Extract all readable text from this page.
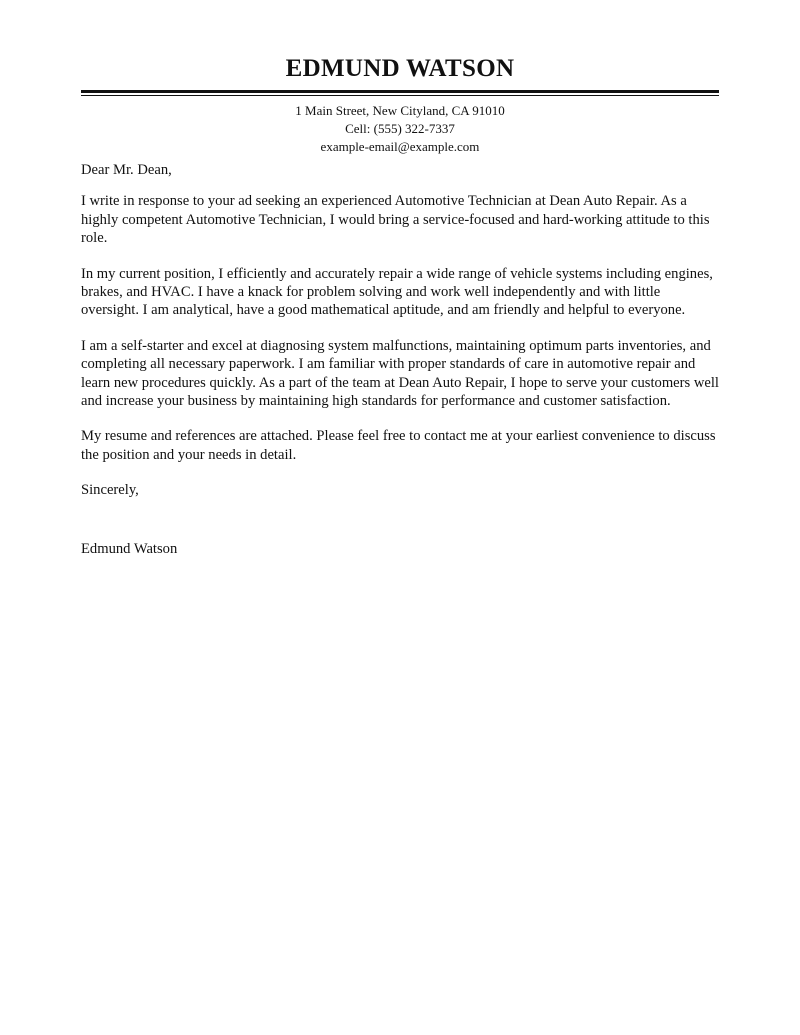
EDMUND WATSON
1 Main Street, New Cityland, CA 91010
Cell: (555) 322-7337
example-email@example.com

Dear Mr. Dean,

I write in response to your ad seeking an experienced Automotive Technician at Dean Auto Repair. As a highly competent Automotive Technician, I would bring a service-focused and hard-working attitude to this role.

In my current position, I efficiently and accurately repair a wide range of vehicle systems including engines, brakes, and HVAC. I have a knack for problem solving and work well independently and with little oversight. I am analytical, have a good mathematical aptitude, and am friendly and helpful to everyone.

I am a self-starter and excel at diagnosing system malfunctions, maintaining optimum parts inventories, and completing all necessary paperwork. I am familiar with proper standards of care in automotive repair and learn new procedures quickly. As a part of the team at Dean Auto Repair, I hope to serve your customers well and increase your business by maintaining high standards for performance and customer satisfaction.

My resume and references are attached. Please feel free to contact me at your earliest convenience to discuss the position and your needs in detail.

Sincerely,

Edmund Watson
